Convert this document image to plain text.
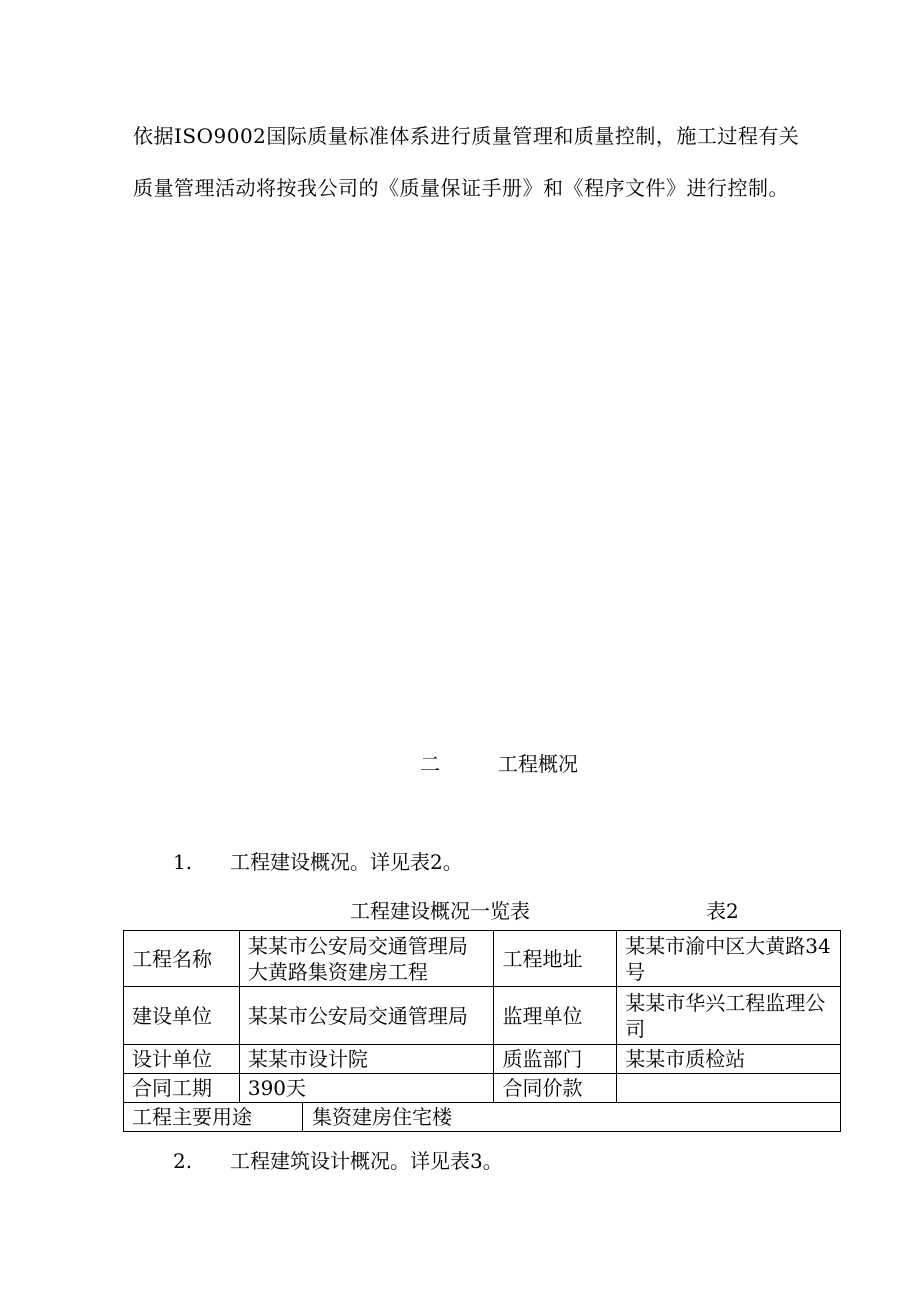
依据ISO9002国际质量标准体系进行质量管理和质量控制，施工过程有关
质量管理活动将按我公司的《质量保证手册》和《程序文件》进行控制。
二	工程概况
1. 工程建设概况。详见表2。
工程建设概况一览表	表2
工程名称	某某市公安局交通管理局大黄路集资建房工程	工程地址	某某市渝中区大黄路34号
建设单位	某某市公安局交通管理局	监理单位	某某市华兴工程监理公司
设计单位	某某市设计院	质监部门	某某市质检站
合同工期	390天	合同价款	
工程主要用途	集资建房住宅楼
2. 工程建筑设计概况。详见表3。
